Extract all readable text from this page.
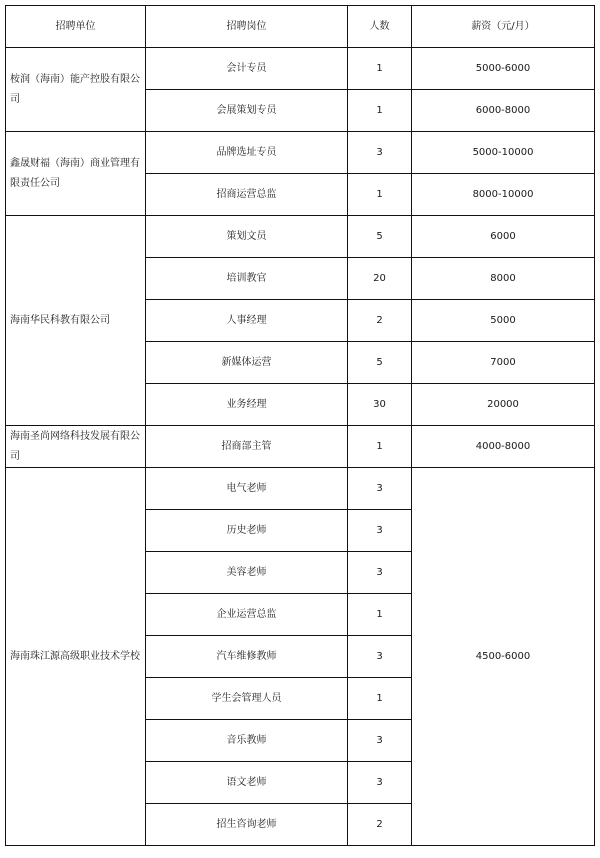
招聘单位	招聘岗位	人数	薪资（元/月）
桉润（海南）能产控股有限公司	会计专员	1	5000-6000
	会展策划专员	1	6000-8000
鑫晟财福（海南）商业管理有限责任公司	品牌选址专员	3	5000-10000
	招商运营总监	1	8000-10000
海南华民科教有限公司	策划文员	5	6000
	培训教官	20	8000
	人事经理	2	5000
	新媒体运营	5	7000
	业务经理	30	20000
海南圣尚网络科技发展有限公司	招商部主管	1	4000-8000
海南珠江源高级职业技术学校	电气老师	3	4500-6000
	历史老师	3	
	美容老师	3	
	企业运营总监	1	
	汽车维修教师	3	
	学生会管理人员	1	
	音乐教师	3	
	语文老师	3	
	招生咨询老师	2	
